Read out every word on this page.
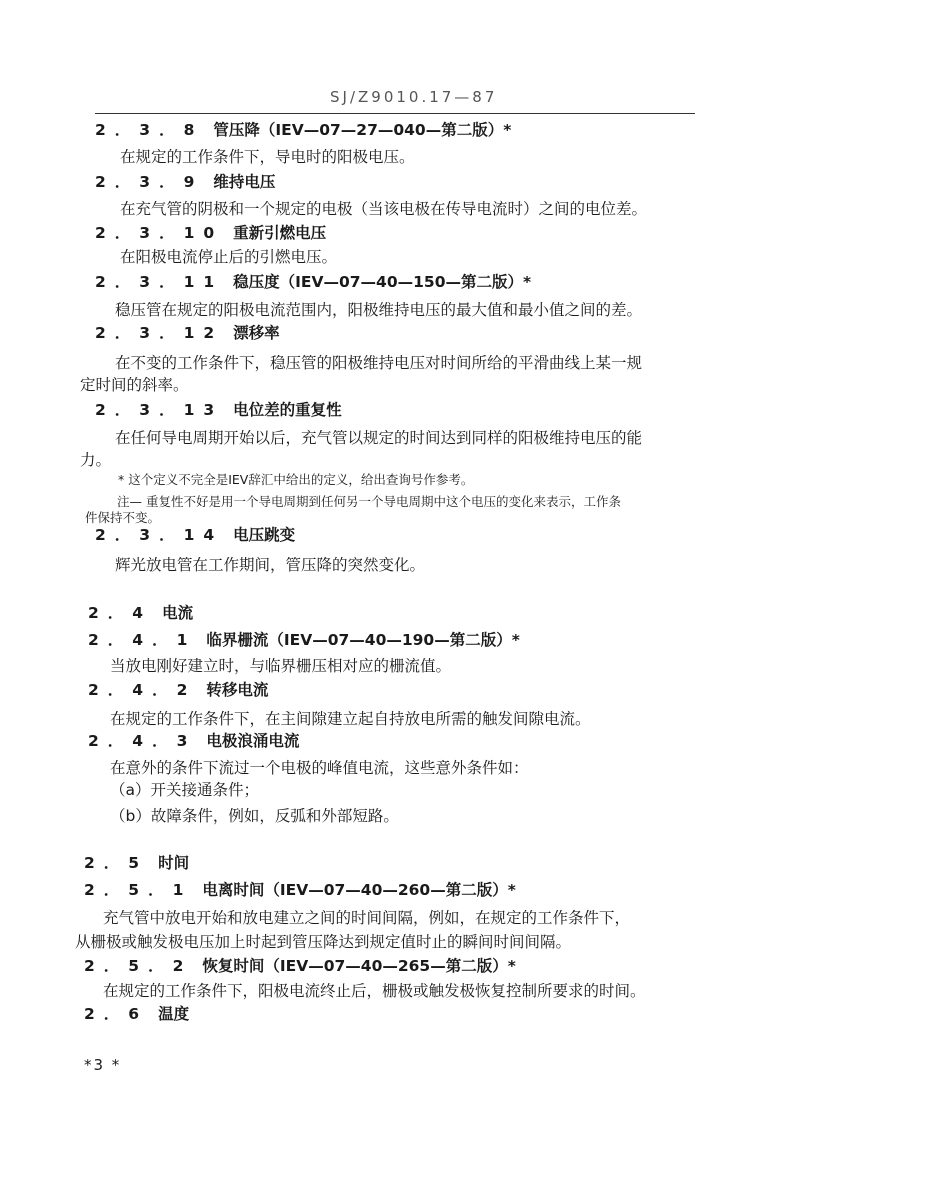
SJ/Z9010.17—87
2．3．8 管压降（IEV—07—27—040—第二版）*
在规定的工作条件下，导电时的阳极电压。
2．3．9 维持电压
在充气管的阴极和一个规定的电极（当该电极在传导电流时）之间的电位差。
2．3．10 重新引燃电压
在阳极电流停止后的引燃电压。
2．3．11 稳压度（IEV—07—40—150—第二版）*
稳压管在规定的阳极电流范围内，阳极维持电压的最大值和最小值之间的差。
2．3．12 漂移率
在不变的工作条件下，稳压管的阳极维持电压对时间所给的平滑曲线上某一规
定时间的斜率。
2．3．13 电位差的重复性
在任何导电周期开始以后，充气管以规定的时间达到同样的阳极维持电压的能
力。
* 这个定义不完全是IEV辞汇中给出的定义，给出查询号作参考。
注— 重复性不好是用一个导电周期到任何另一个导电周期中这个电压的变化来表示，工作条
件保持不变。
2．3．14 电压跳变
辉光放电管在工作期间，管压降的突然变化。
2．4 电流
2．4．1 临界栅流（IEV—07—40—190—第二版）*
当放电刚好建立时，与临界栅压相对应的栅流值。
2．4．2 转移电流
在规定的工作条件下，在主间隙建立起自持放电所需的触发间隙电流。
2．4．3 电极浪涌电流
在意外的条件下流过一个电极的峰值电流，这些意外条件如：
（a）开关接通条件；
（b）故障条件，例如，反弧和外部短路。
2．5 时间
2．5．1 电离时间（IEV—07—40—260—第二版）*
充气管中放电开始和放电建立之间的时间间隔，例如，在规定的工作条件下，
从栅极或触发极电压加上时起到管压降达到规定值时止的瞬间时间间隔。
2．5．2 恢复时间（IEV—07—40—265—第二版）*
在规定的工作条件下，阳极电流终止后，栅极或触发极恢复控制所要求的时间。
2．6 温度
*3 *
